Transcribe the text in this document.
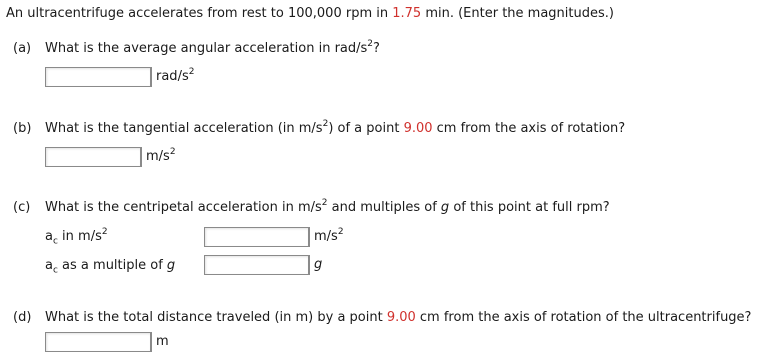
An ultracentrifuge accelerates from rest to 100,000 rpm in 1.75 min. (Enter the magnitudes.)
(a) What is the average angular acceleration in rad/$s^2$?
rad/$s^2$
(b) What is the tangential acceleration (in $m/s^2$) of a point 9.00 cm from the axis of rotation?
$m/s^2$
(c) What is the centripetal acceleration in $m/s^2$ and multiples of g of this point at full rpm?
$a_c$ in $m/s^2$	$m/s^2$
$a_c$ as a multiple of g	g
(d) What is the total distance traveled (in m) by a point 9.00 cm from the axis of rotation of the ultracentrifuge?
m
